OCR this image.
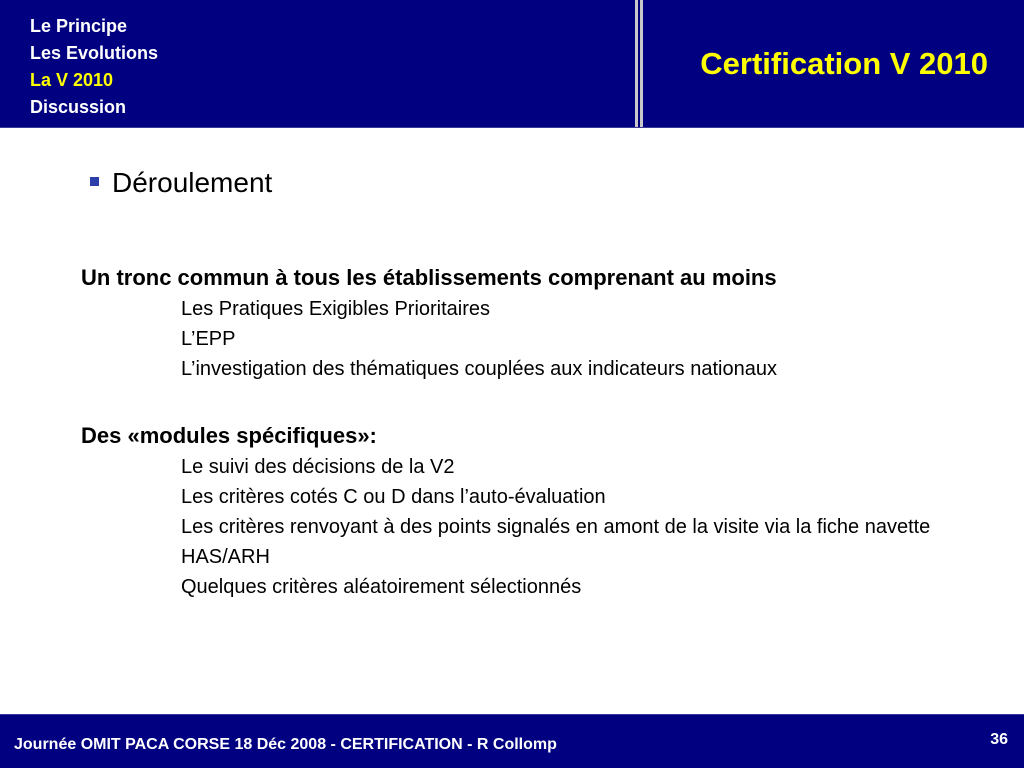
Le Principe
Les Evolutions
La V 2010
Discussion
Certification V 2010
Déroulement
Un tronc commun à tous les établissements comprenant au moins
Les Pratiques Exigibles Prioritaires
L’EPP
L’investigation des thématiques couplées aux indicateurs nationaux
Des «modules spécifiques»:
Le suivi des décisions de la V2
Les critères cotés C ou D dans l’auto-évaluation
Les critères renvoyant à des points signalés en amont de la visite via la fiche navette HAS/ARH
Quelques critères aléatoirement sélectionnés
Journée OMIT PACA CORSE 18 Déc 2008 - CERTIFICATION - R Collomp	36
